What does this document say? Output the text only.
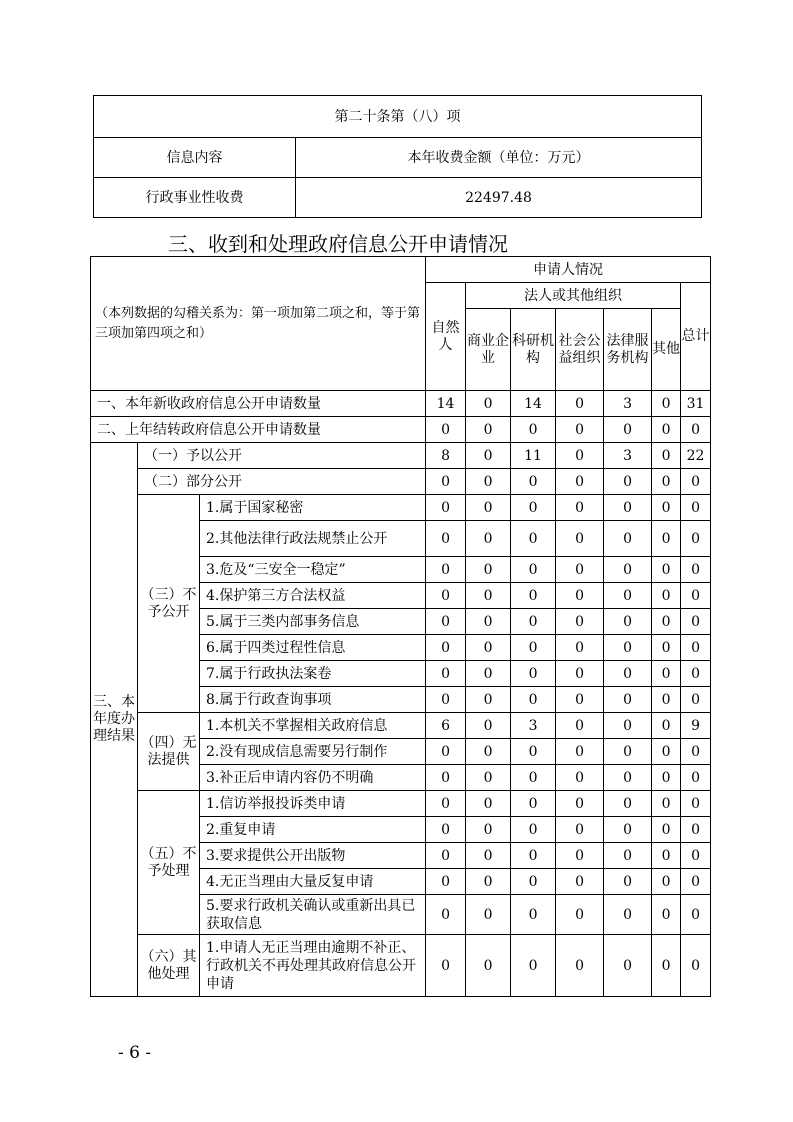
第二十条第（八）项	
信息内容	本年收费金额（单位：万元）
行政事业性收费	22497.48
三、收到和处理政府信息公开申请情况
（本列数据的勾稽关系为：第一项加第二项之和，等于第三项加第四项之和）			申请人情况						
			自然人	法人或其他组织					总计
				商业企业	科研机构	社会公益组织	法律服务机构	其他	
一、本年新收政府信息公开申请数量			14	0	14	0	3	0	31
二、上年结转政府信息公开申请数量			0	0	0	0	0	0	0
三、本年度办理结果	（一）予以公开		8	0	11	0	3	0	22
	（二）部分公开		0	0	0	0	0	0	0
	（三）不予公开	1.属于国家秘密	0	0	0	0	0	0	0
		2.其他法律行政法规禁止公开	0	0	0	0	0	0	0
		3.危及“三安全一稳定”	0	0	0	0	0	0	0
		4.保护第三方合法权益	0	0	0	0	0	0	0
		5.属于三类内部事务信息	0	0	0	0	0	0	0
		6.属于四类过程性信息	0	0	0	0	0	0	0
		7.属于行政执法案卷	0	0	0	0	0	0	0
		8.属于行政查询事项	0	0	0	0	0	0	0
	（四）无法提供	1.本机关不掌握相关政府信息	6	0	3	0	0	0	9
		2.没有现成信息需要另行制作	0	0	0	0	0	0	0
		3.补正后申请内容仍不明确	0	0	0	0	0	0	0
	（五）不予处理	1.信访举报投诉类申请	0	0	0	0	0	0	0
		2.重复申请	0	0	0	0	0	0	0
		3.要求提供公开出版物	0	0	0	0	0	0	0
		4.无正当理由大量反复申请	0	0	0	0	0	0	0
		5.要求行政机关确认或重新出具已获取信息	0	0	0	0	0	0	0
	（六）其他处理	1.申请人无正当理由逾期不补正、行政机关不再处理其政府信息公开申请	0	0	0	0	0	0	0
- 6 -
